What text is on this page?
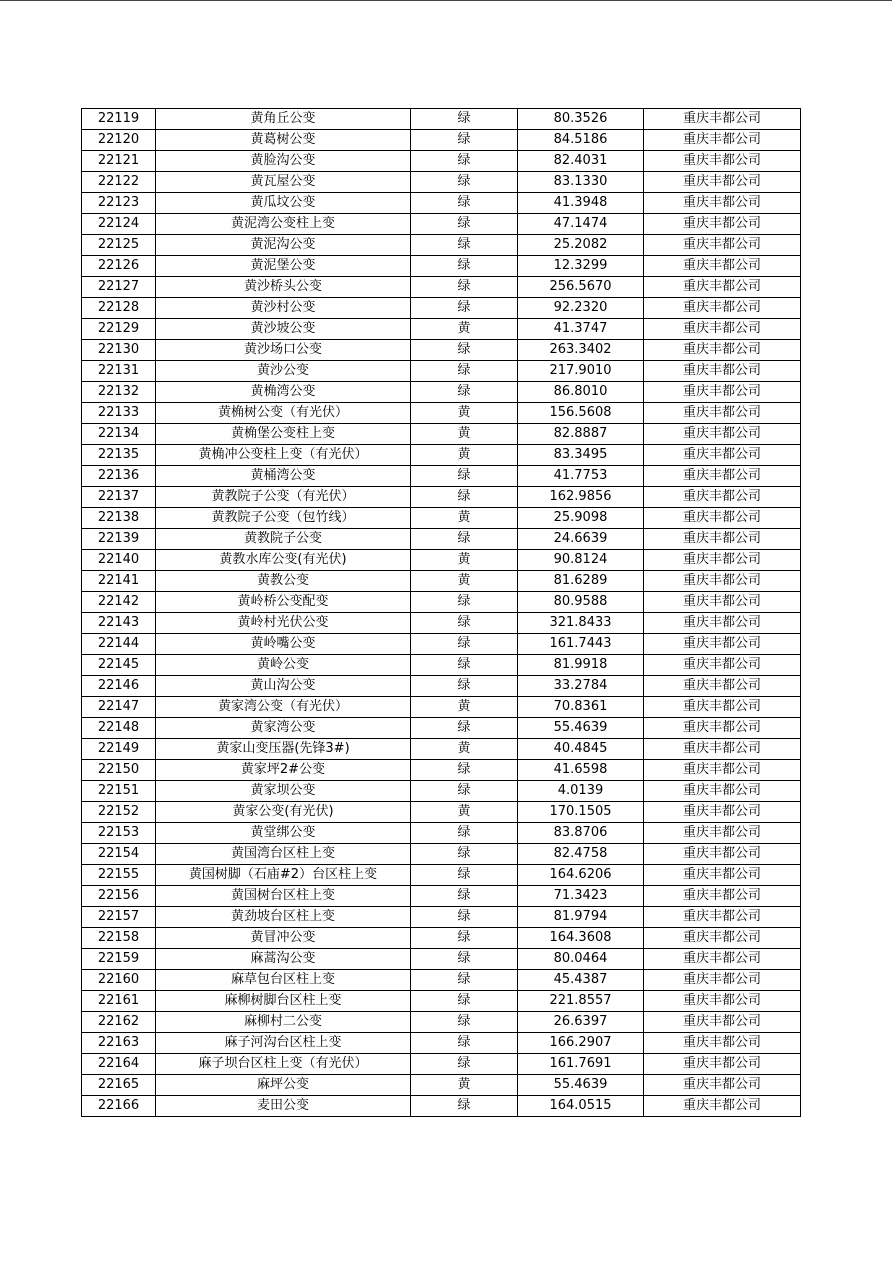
22119	黄角丘公变	绿	80.3526	重庆丰都公司
22120	黄葛树公变	绿	84.5186	重庆丰都公司
22121	黄脸沟公变	绿	82.4031	重庆丰都公司
22122	黄瓦屋公变	绿	83.1330	重庆丰都公司
22123	黄瓜坟公变	绿	41.3948	重庆丰都公司
22124	黄泥湾公变柱上变	绿	47.1474	重庆丰都公司
22125	黄泥沟公变	绿	25.2082	重庆丰都公司
22126	黄泥堡公变	绿	12.3299	重庆丰都公司
22127	黄沙桥头公变	绿	256.5670	重庆丰都公司
22128	黄沙村公变	绿	92.2320	重庆丰都公司
22129	黄沙坡公变	黄	41.3747	重庆丰都公司
22130	黄沙场口公变	绿	263.3402	重庆丰都公司
22131	黄沙公变	绿	217.9010	重庆丰都公司
22132	黄桷湾公变	绿	86.8010	重庆丰都公司
22133	黄桷树公变（有光伏）	黄	156.5608	重庆丰都公司
22134	黄桷堡公变柱上变	黄	82.8887	重庆丰都公司
22135	黄桷冲公变柱上变（有光伏）	黄	83.3495	重庆丰都公司
22136	黄桶湾公变	绿	41.7753	重庆丰都公司
22137	黄教院子公变（有光伏）	绿	162.9856	重庆丰都公司
22138	黄教院子公变（包竹线）	黄	25.9098	重庆丰都公司
22139	黄教院子公变	绿	24.6639	重庆丰都公司
22140	黄教水库公变(有光伏)	黄	90.8124	重庆丰都公司
22141	黄教公变	黄	81.6289	重庆丰都公司
22142	黄岭桥公变配变	绿	80.9588	重庆丰都公司
22143	黄岭村光伏公变	绿	321.8433	重庆丰都公司
22144	黄岭嘴公变	绿	161.7443	重庆丰都公司
22145	黄岭公变	绿	81.9918	重庆丰都公司
22146	黄山沟公变	绿	33.2784	重庆丰都公司
22147	黄家湾公变（有光伏）	黄	70.8361	重庆丰都公司
22148	黄家湾公变	绿	55.4639	重庆丰都公司
22149	黄家山变压器(先锋3#)	黄	40.4845	重庆丰都公司
22150	黄家坪2#公变	绿	41.6598	重庆丰都公司
22151	黄家坝公变	绿	4.0139	重庆丰都公司
22152	黄家公变(有光伏)	黄	170.1505	重庆丰都公司
22153	黄堂绑公变	绿	83.8706	重庆丰都公司
22154	黄国湾台区柱上变	绿	82.4758	重庆丰都公司
22155	黄国树脚（石庙#2）台区柱上变	绿	164.6206	重庆丰都公司
22156	黄国树台区柱上变	绿	71.3423	重庆丰都公司
22157	黄劲坡台区柱上变	绿	81.9794	重庆丰都公司
22158	黄冒冲公变	绿	164.3608	重庆丰都公司
22159	麻蒿沟公变	绿	80.0464	重庆丰都公司
22160	麻草包台区柱上变	绿	45.4387	重庆丰都公司
22161	麻柳树脚台区柱上变	绿	221.8557	重庆丰都公司
22162	麻柳村二公变	绿	26.6397	重庆丰都公司
22163	麻子河沟台区柱上变	绿	166.2907	重庆丰都公司
22164	麻子坝台区柱上变（有光伏）	绿	161.7691	重庆丰都公司
22165	麻坪公变	黄	55.4639	重庆丰都公司
22166	麦田公变	绿	164.0515	重庆丰都公司
